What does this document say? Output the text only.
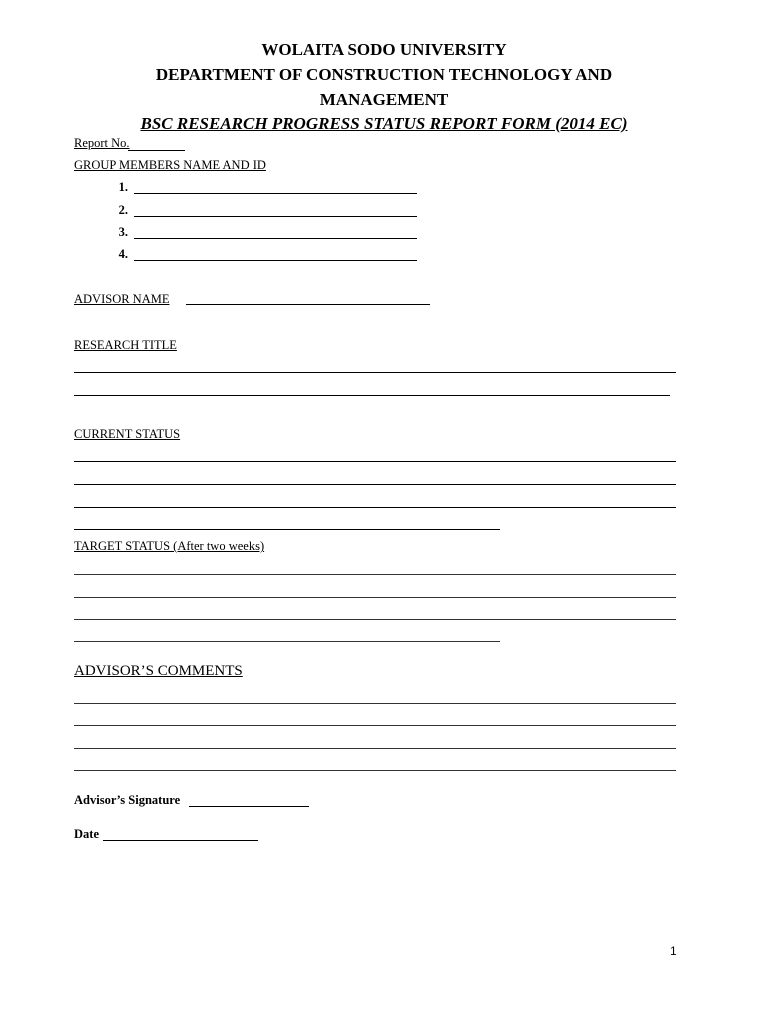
WOLAITA SODO UNIVERSITY
DEPARTMENT OF CONSTRUCTION TECHNOLOGY AND
MANAGEMENT
BSC RESEARCH PROGRESS STATUS REPORT FORM (2014 EC)
Report No.
GROUP MEMBERS NAME AND ID
1.
2.
3.
4.
ADVISOR NAME
RESEARCH TITLE
CURRENT STATUS
TARGET STATUS (After two weeks)
ADVISOR’S COMMENTS
Advisor’s Signature
Date
1
